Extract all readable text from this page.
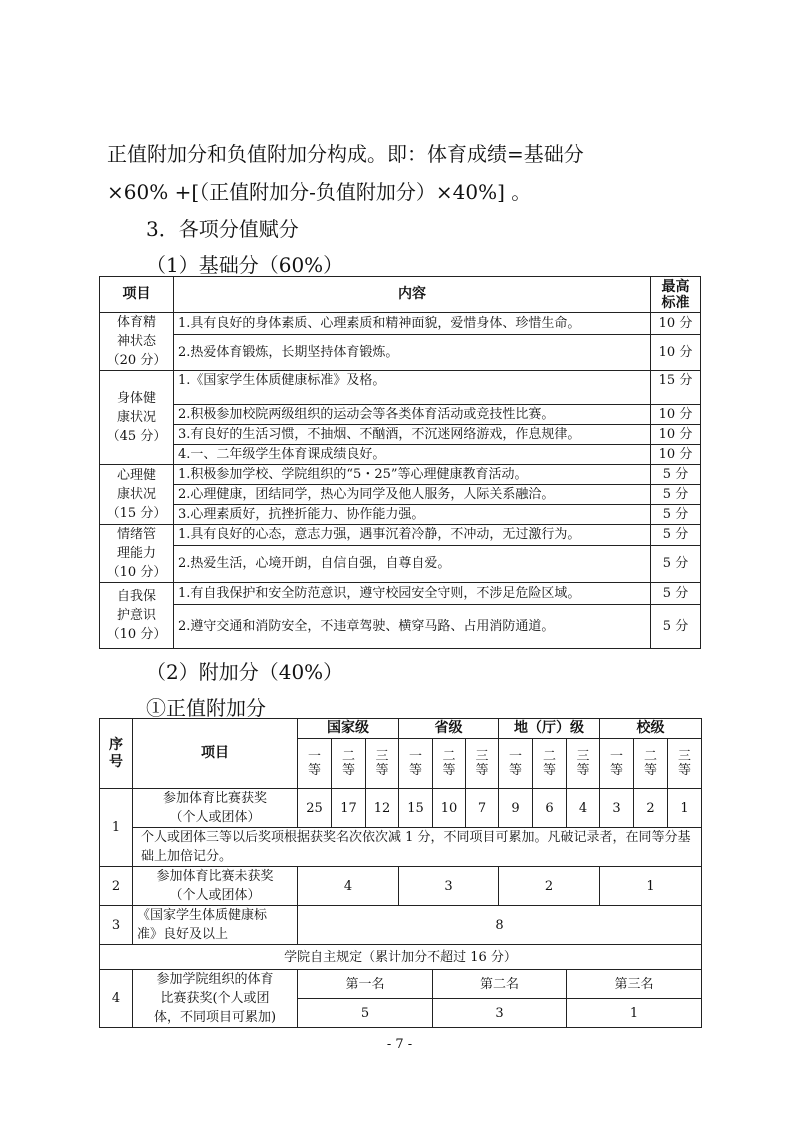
正值附加分和负值附加分构成。即：体育成绩=基础分
×60% +[（正值附加分-负值附加分）×40%] 。
3．各项分值赋分
（1）基础分（60%）
项目	内容	最高
标准
体育精
神状态
（20 分）	1.具有良好的身体素质、心理素质和精神面貌，爱惜身体、珍惜生命。	10 分
	2.热爱体育锻炼，长期坚持体育锻炼。	10 分
身体健
康状况
（45 分）	1.《国家学生体质健康标准》及格。	15 分
	2.积极参加校院两级组织的运动会等各类体育活动或竞技性比赛。	10 分
	3.有良好的生活习惯，不抽烟、不酗酒，不沉迷网络游戏，作息规律。	10 分
	4.一、二年级学生体育课成绩良好。	10 分
心理健
康状况
（15 分）	1.积极参加学校、学院组织的“5・25”等心理健康教育活动。	5 分
	2.心理健康，团结同学，热心为同学及他人服务，人际关系融洽。	5 分
	3.心理素质好，抗挫折能力、协作能力强。	5 分
情绪管
理能力
（10 分）	1.具有良好的心态，意志力强，遇事沉着冷静，不冲动，无过激行为。	5 分
	2.热爱生活，心境开朗，自信自强，自尊自爱。	5 分
自我保
护意识
（10 分）	1.有自我保护和安全防范意识，遵守校园安全守则，不涉足危险区域。	5 分
	2.遵守交通和消防安全，不违章驾驶、横穿马路、占用消防通道。	5 分
（2）附加分（40%）
①正值附加分
序
号	项目	国家级			省级			地（厅）级			校级		
		一
等	二
等	三
等	一
等	二
等	三
等	一
等	二
等	三
等	一
等	二
等	三
等
1	参加体育比赛获奖
（个人或团体）	25	17	12	15	10	7	9	6	4	3	2	1
	个人或团体三等以后奖项根据获奖名次依次减 1 分，不同项目可累加。凡破记录者，在同等分基础上加倍记分。												
2	参加体育比赛未获奖
（个人或团体）	4			3			2			1		
3	《国家学生体质健康标
准》良好及以上	8											
学院自主规定（累计加分不超过 16 分）													
4	参加学院组织的体育
比赛获奖(个人或团
体，不同项目可累加)	第一名				第二名				第三名			
		5				3				1			
- 7 -
